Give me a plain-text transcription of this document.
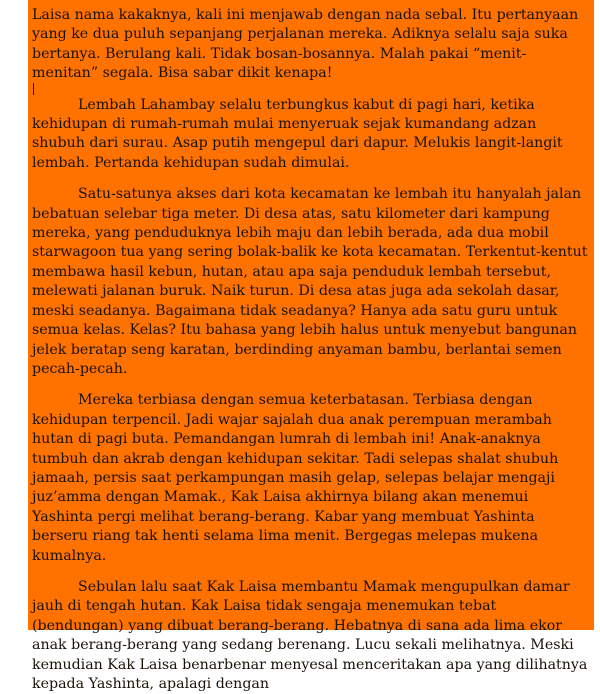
Laisa nama kakaknya, kali ini menjawab dengan nada sebal. Itu pertanyaan yang ke dua puluh sepanjang perjalanan mereka. Adiknya selalu saja suka bertanya. Berulang kali. Tidak bosan-bosannya. Malah pakai “menit-menitan” segala. Bisa sabar dikit kenapa!

Lembah Lahambay selalu terbungkus kabut di pagi hari, ketika kehidupan di rumah-rumah mulai menyeruak sejak kumandang adzan shubuh dari surau. Asap putih mengepul dari dapur. Melukis langit-langit lembah. Pertanda kehidupan sudah dimulai.

Satu-satunya akses dari kota kecamatan ke lembah itu hanyalah jalan bebatuan selebar tiga meter. Di desa atas, satu kilometer dari kampung mereka, yang penduduknya lebih maju dan lebih berada, ada dua mobil starwagoon tua yang sering bolak-balik ke kota kecamatan. Terkentut-kentut membawa hasil kebun, hutan, atau apa saja penduduk lembah tersebut, melewati jalanan buruk. Naik turun. Di desa atas juga ada sekolah dasar, meski seadanya. Bagaimana tidak seadanya? Hanya ada satu guru untuk semua kelas. Kelas? Itu bahasa yang lebih halus untuk menyebut bangunan jelek beratap seng karatan, berdinding anyaman bambu, berlantai semen pecah-pecah.

Mereka terbiasa dengan semua keterbatasan. Terbiasa dengan kehidupan terpencil. Jadi wajar sajalah dua anak perempuan merambah hutan di pagi buta. Pemandangan lumrah di lembah ini! Anak-anaknya tumbuh dan akrab dengan kehidupan sekitar. Tadi selepas shalat shubuh jamaah, persis saat perkampungan masih gelap, selepas belajar mengaji juz’amma dengan Mamak., Kak Laisa akhirnya bilang akan menemui Yashinta pergi melihat berang-berang. Kabar yang membuat Yashinta berseru riang tak henti selama lima menit. Bergegas melepas mukena kumalnya.

Sebulan lalu saat Kak Laisa membantu Mamak mengupulkan damar jauh di tengah hutan. Kak Laisa tidak sengaja menemukan tebat (bendungan) yang dibuat berang-berang. Hebatnya di sana ada lima ekor anak berang-berang yang sedang berenang. Lucu sekali melihatnya. Meski kemudian Kak Laisa benarbenar menyesal menceritakan apa yang dilihatnya kepada Yashinta, apalagi dengan
